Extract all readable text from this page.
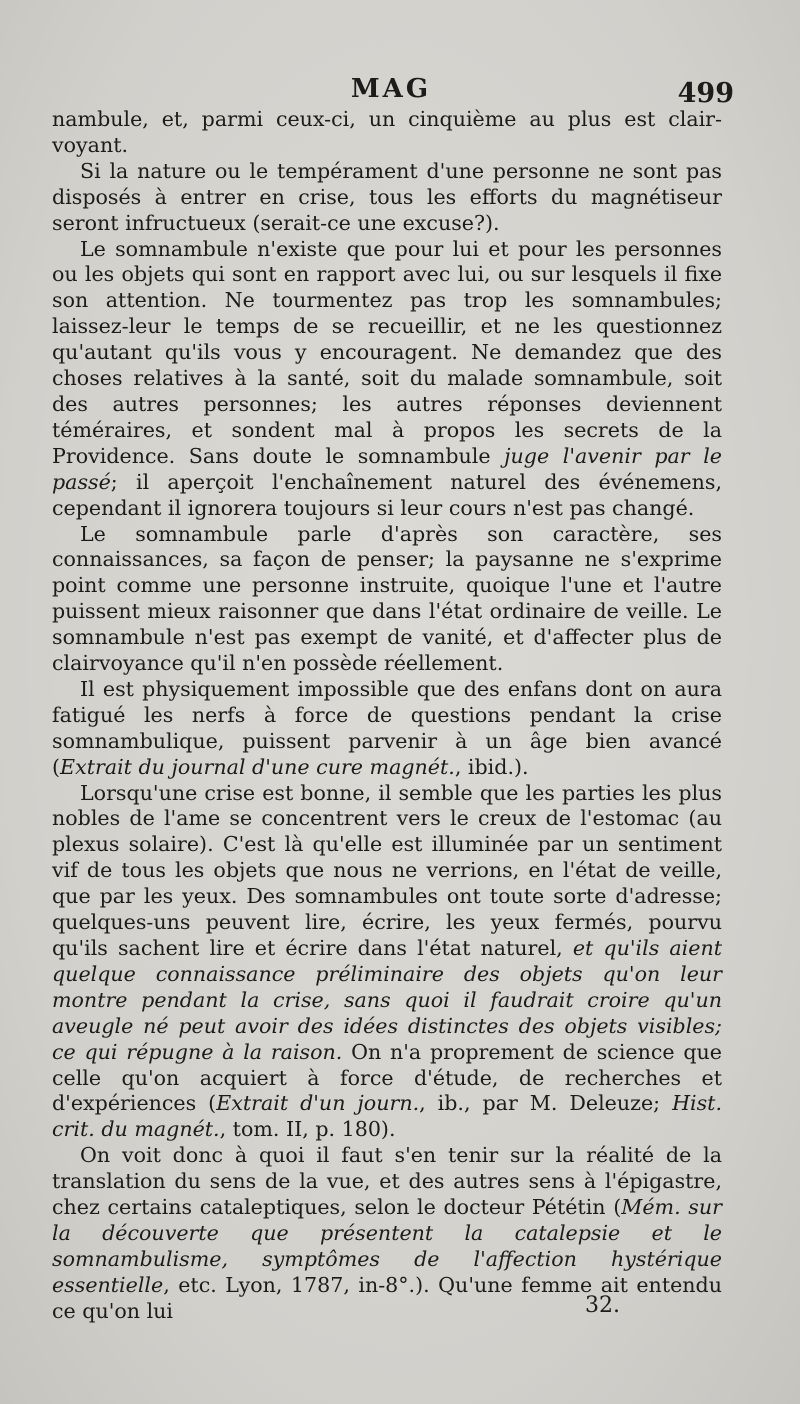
MAG	499

nambule, et, parmi ceux-ci, un cinquième au plus est clair-voyant.

Si la nature ou le tempérament d'une personne ne sont pas disposés à entrer en crise, tous les efforts du magnétiseur seront infructueux (serait-ce une excuse?).

Le somnambule n'existe que pour lui et pour les personnes ou les objets qui sont en rapport avec lui, ou sur lesquels il fixe son attention. Ne tourmentez pas trop les somnambules; laissez-leur le temps de se recueillir, et ne les questionnez qu'autant qu'ils vous y encouragent. Ne demandez que des choses relatives à la santé, soit du malade somnambule, soit des autres personnes; les autres réponses deviennent téméraires, et sondent mal à propos les secrets de la Providence. Sans doute le somnambule juge l'avenir par le passé; il aperçoit l'enchaînement naturel des événemens, cependant il ignorera toujours si leur cours n'est pas changé.

Le somnambule parle d'après son caractère, ses connaissances, sa façon de penser; la paysanne ne s'exprime point comme une personne instruite, quoique l'une et l'autre puissent mieux raisonner que dans l'état ordinaire de veille. Le somnambule n'est pas exempt de vanité, et d'affecter plus de clairvoyance qu'il n'en possède réellement.

Il est physiquement impossible que des enfans dont on aura fatigué les nerfs à force de questions pendant la crise somnambulique, puissent parvenir à un âge bien avancé (Extrait du journal d'une cure magnét., ibid.).

Lorsqu'une crise est bonne, il semble que les parties les plus nobles de l'ame se concentrent vers le creux de l'estomac (au plexus solaire). C'est là qu'elle est illuminée par un sentiment vif de tous les objets que nous ne verrions, en l'état de veille, que par les yeux. Des somnambules ont toute sorte d'adresse; quelques-uns peuvent lire, écrire, les yeux fermés, pourvu qu'ils sachent lire et écrire dans l'état naturel, et qu'ils aient quelque connaissance préliminaire des objets qu'on leur montre pendant la crise, sans quoi il faudrait croire qu'un aveugle né peut avoir des idées distinctes des objets visibles; ce qui répugne à la raison. On n'a proprement de science que celle qu'on acquiert à force d'étude, de recherches et d'expériences (Extrait d'un journ., ib., par M. Deleuze; Hist. crit. du magnét., tom. II, p. 180).

On voit donc à quoi il faut s'en tenir sur la réalité de la translation du sens de la vue, et des autres sens à l'épigastre, chez certains cataleptiques, selon le docteur Pététin (Mém. sur la découverte que présentent la catalepsie et le somnambulisme, symptômes de l'affection hystérique essentielle, etc. Lyon, 1787, in-8°.). Qu'une femme ait entendu ce qu'on lui	32.
